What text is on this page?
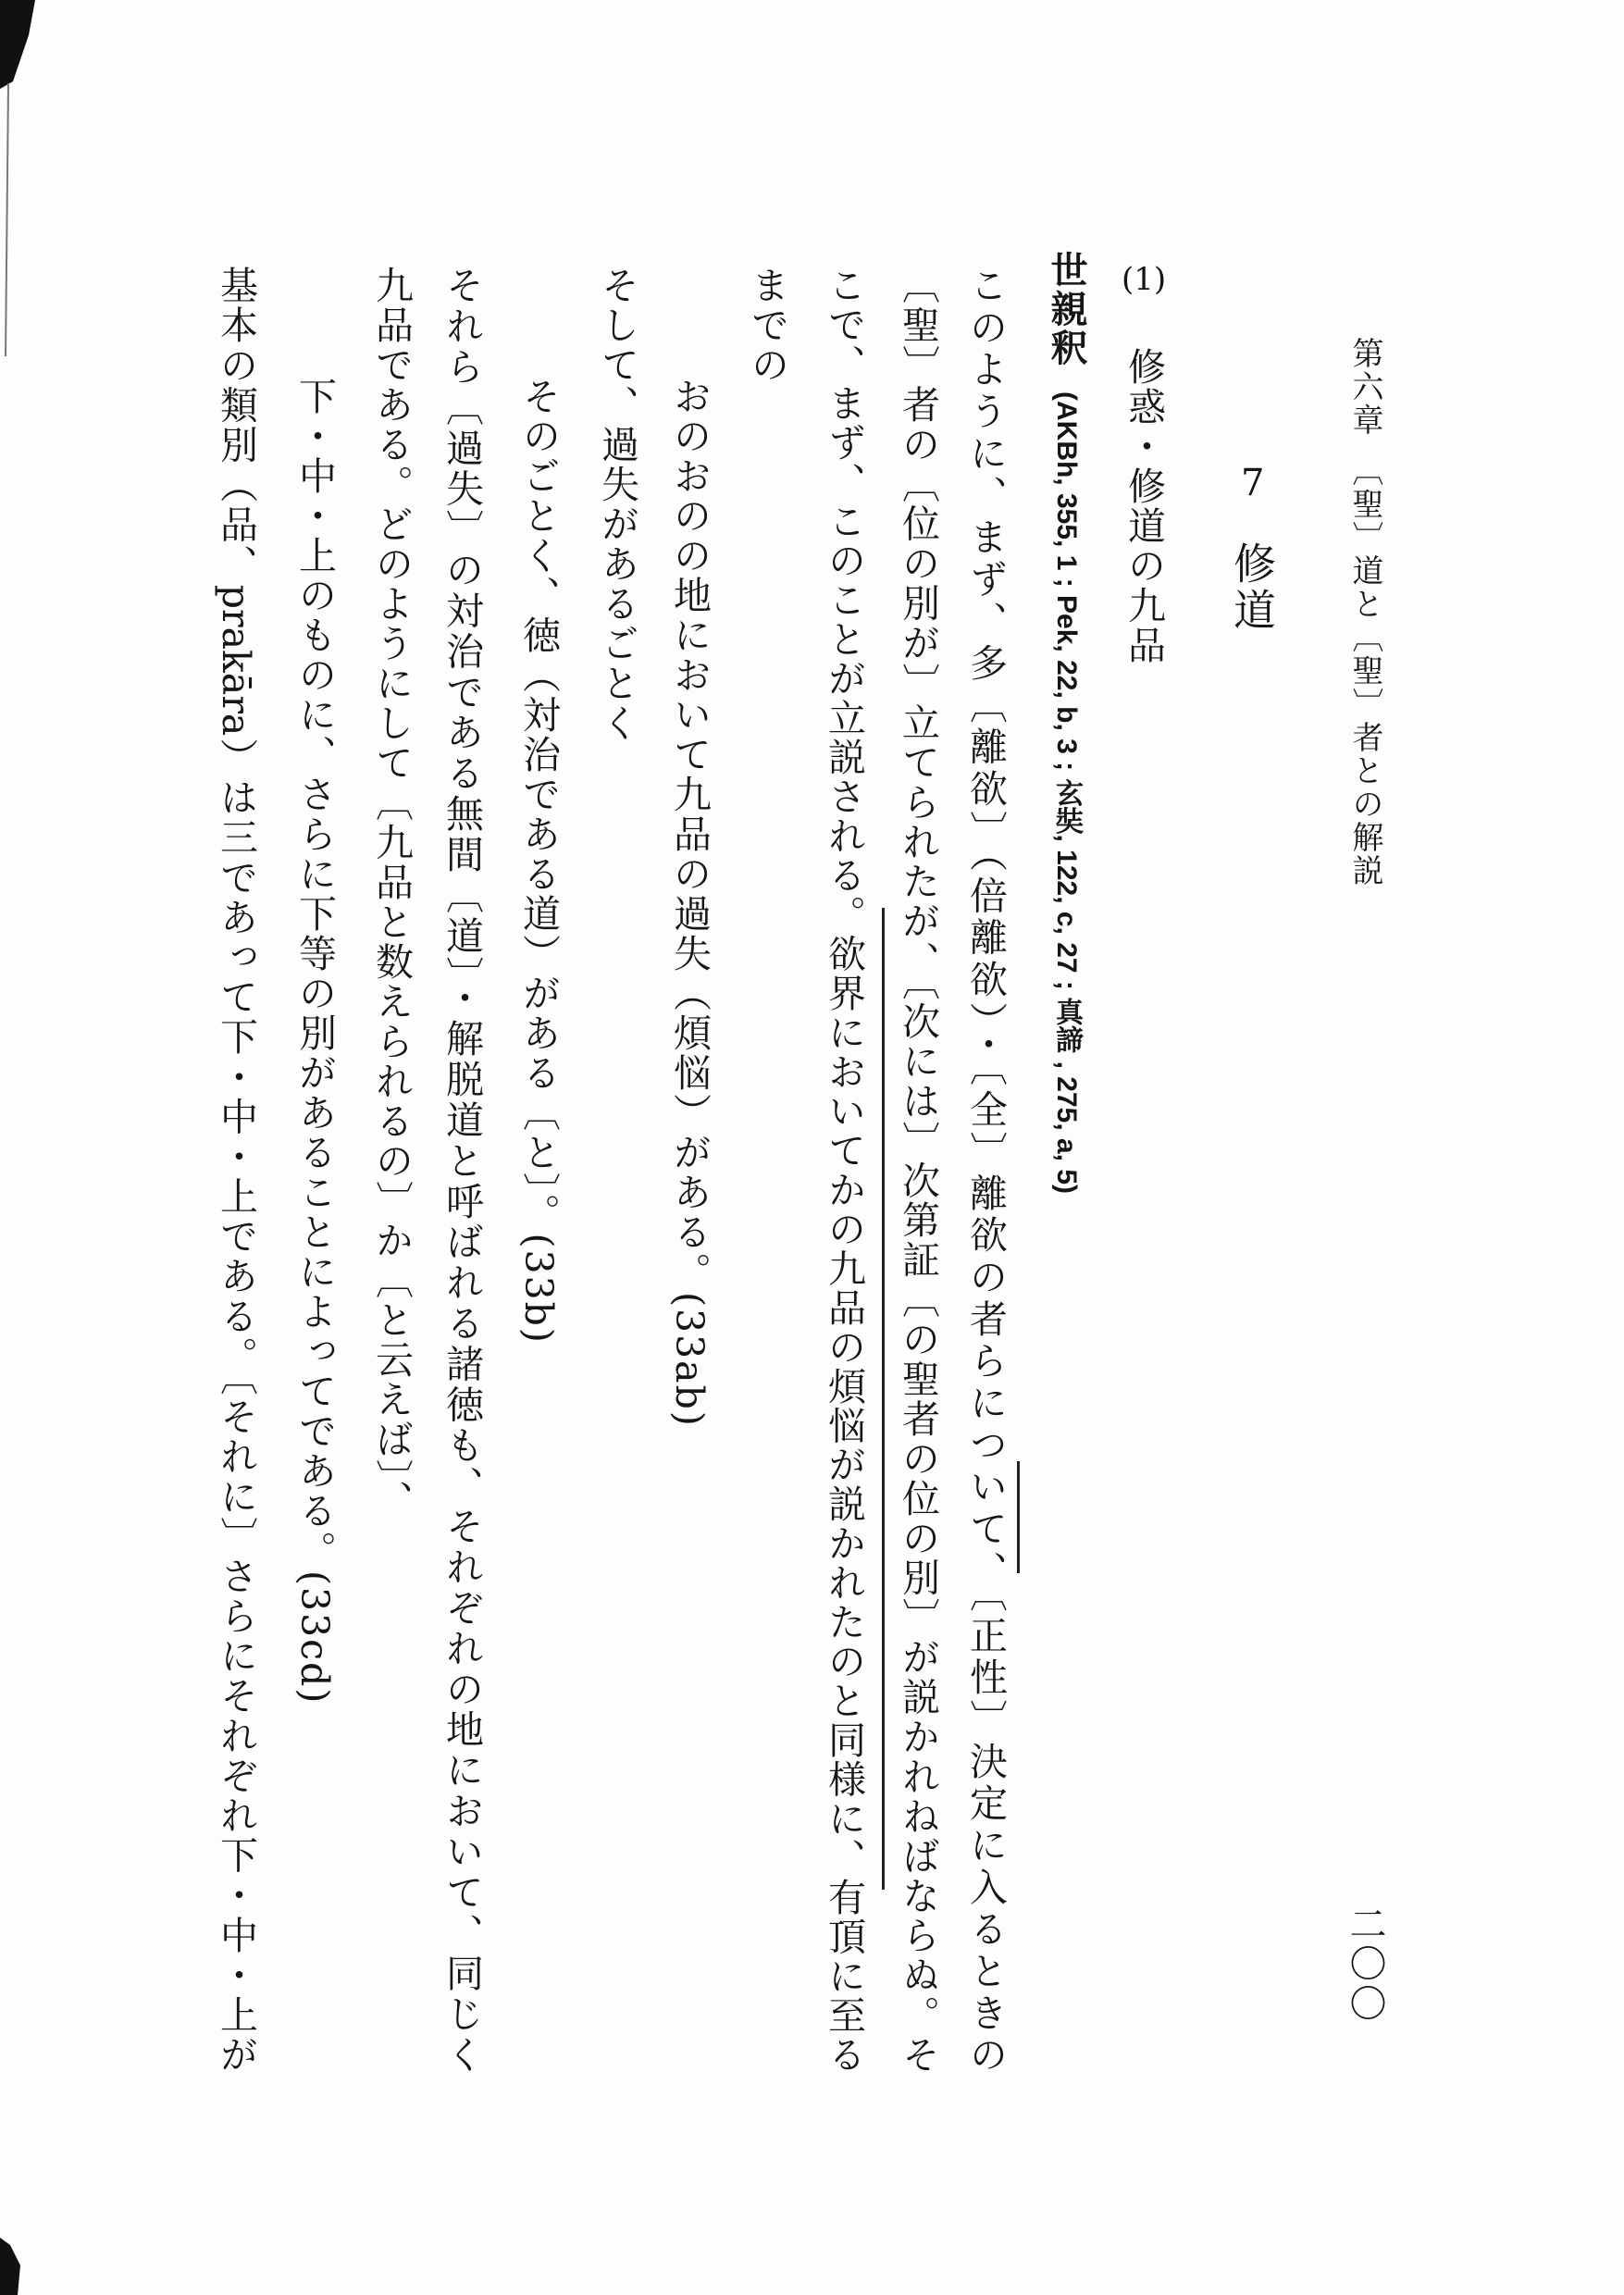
第六章　〔聖〕道と〔聖〕者との解説
二〇〇
7
修道
(1)
修惑・修道の九品
世親釈
(AKBh, 355, 1 ; Pek, 22, b, 3 ; 玄奘, 122, c, 27 ; 真諦 , 275, a, 5)
このように、まず、多〔離欲〕（倍離欲）・〔全〕離欲の者らについて、〔正性〕決定に入るときの
〔聖〕者の〔位の別が〕立てられたが、〔次には〕次第証〔の聖者の位の別〕が説かれねばならぬ。そ
こで、まず、このことが立説される。欲界においてかの九品の煩悩が説かれたのと同様に、有頂に至る
までの
おのおのの地において九品の過失（煩悩）がある。(33ab)
そして、過失があるごとく
そのごとく、徳（対治である道）がある〔と〕。(33b)
それら〔過失〕の対治である無間〔道〕・解脱道と呼ばれる諸徳も、それぞれの地において、同じく
九品である。どのようにして〔九品と数えられるの〕か〔と云えば〕、
下・中・上のものに、さらに下等の別があることによってである。(33cd)
基本の類別（品、prakāra）は三であって下・中・上である。〔それに〕さらにそれぞれ下・中・上が
